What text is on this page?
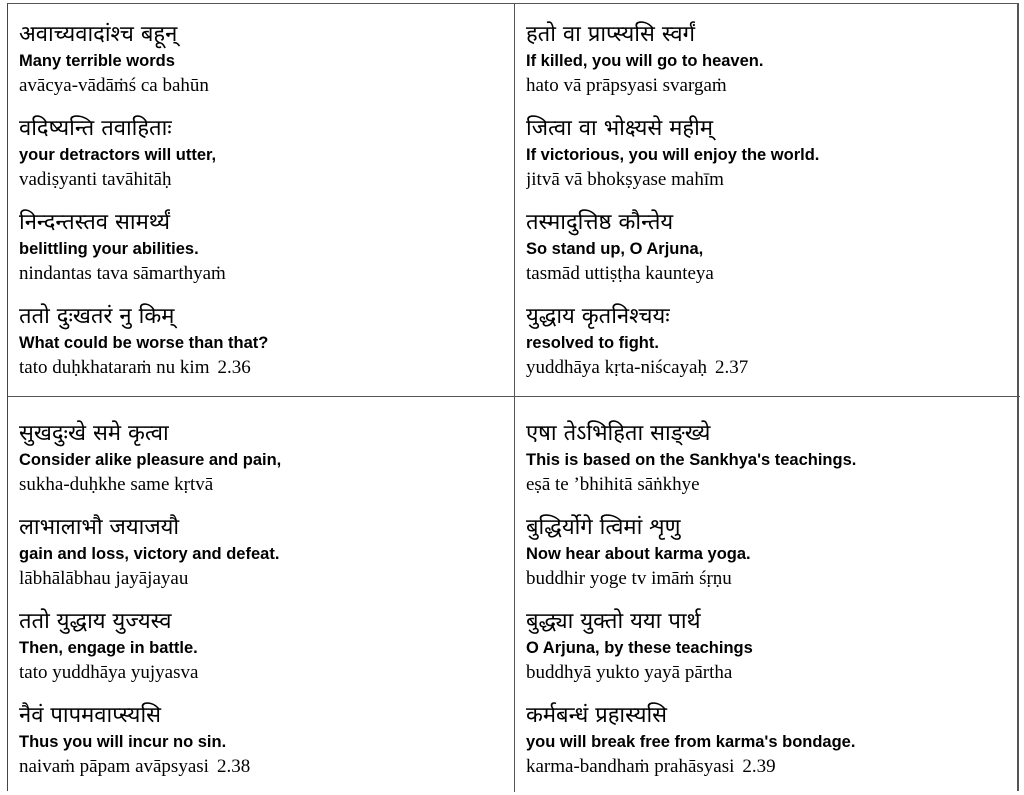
अवाच्यवादांश्च बहून्
Many terrible words
avācya-vādāṁś ca bahūn
वदिष्यन्ति तवाहिताः
your detractors will utter,
vadiṣyanti tavāhitāḥ
निन्दन्तस्तव सामर्थ्यं
belittling your abilities.
nindantas tava sāmarthyaṁ
ततो दुःखतरं नु किम्
What could be worse than that?
tato duḥkhataraṁ nu kim 2.36
हतो वा प्राप्स्यसि स्वर्गं
If killed, you will go to heaven.
hato vā prāpsyasi svargaṁ
जित्वा वा भोक्ष्यसे महीम्
If victorious, you will enjoy the world.
jitvā vā bhokṣyase mahīm
तस्मादुत्तिष्ठ कौन्तेय
So stand up, O Arjuna,
tasmād uttiṣṭha kaunteya
युद्धाय कृतनिश्चयः
resolved to fight.
yuddhāya kṛta-niścayaḥ 2.37
सुखदुःखे समे कृत्वा
Consider alike pleasure and pain,
sukha-duḥkhe same kṛtvā
लाभालाभौ जयाजयौ
gain and loss, victory and defeat.
lābhālābhau jayājayau
ततो युद्धाय युज्यस्व
Then, engage in battle.
tato yuddhāya yujyasva
नैवं पापमवाप्स्यसि
Thus you will incur no sin.
naivaṁ pāpam avāpsyasi 2.38
एषा तेऽभिहिता साङ्ख्ये
This is based on the Sankhya's teachings.
eṣā te ’bhihitā sāṅkhye
बुद्धिर्योगे त्विमां शृणु
Now hear about karma yoga.
buddhir yoge tv imāṁ śṛṇu
बुद्ध्या युक्तो यया पार्थ
O Arjuna, by these teachings
buddhyā yukto yayā pārtha
कर्मबन्धं प्रहास्यसि
you will break free from karma's bondage.
karma-bandhaṁ prahāsyasi 2.39
